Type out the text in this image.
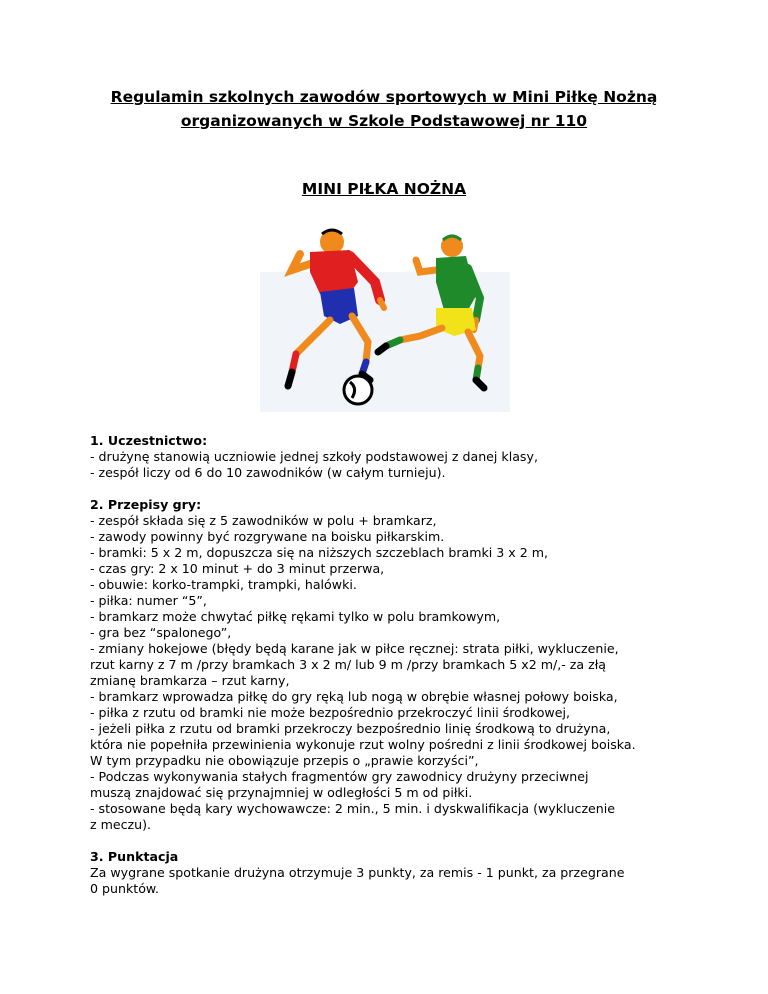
Regulamin szkolnych zawodów sportowych w Mini Piłkę Nożną
organizowanych w Szkole Podstawowej nr 110
MINI PIŁKA NOŻNA
1. Uczestnictwo:
- drużynę stanowią uczniowie jednej szkoły podstawowej z danej klasy,
- zespół liczy od 6 do 10 zawodników (w całym turnieju).
2. Przepisy gry:
- zespół składa się z 5 zawodników w polu + bramkarz,
- zawody powinny być rozgrywane na boisku piłkarskim.
- bramki: 5 x 2 m, dopuszcza się na niższych szczeblach bramki 3 x 2 m,
- czas gry: 2 x 10 minut + do 3 minut przerwa,
- obuwie: korko-trampki, trampki, halówki.
- piłka: numer “5”,
- bramkarz może chwytać piłkę rękami tylko w polu bramkowym,
- gra bez “spalonego”,
- zmiany hokejowe (błędy będą karane jak w piłce ręcznej: strata piłki, wykluczenie,
rzut karny z 7 m /przy bramkach 3 x 2 m/ lub 9 m /przy bramkach 5 x2 m/,- za złą
zmianę bramkarza – rzut karny,
- bramkarz wprowadza piłkę do gry ręką lub nogą w obrębie własnej połowy boiska,
- piłka z rzutu od bramki nie może bezpośrednio przekroczyć linii środkowej,
- jeżeli piłka z rzutu od bramki przekroczy bezpośrednio linię środkową to drużyna,
która nie popełniła przewinienia wykonuje rzut wolny pośredni z linii środkowej boiska.
W tym przypadku nie obowiązuje przepis o „prawie korzyści”,
- Podczas wykonywania stałych fragmentów gry zawodnicy drużyny przeciwnej
muszą znajdować się przynajmniej w odległości 5 m od piłki.
- stosowane będą kary wychowawcze: 2 min., 5 min. i dyskwalifikacja (wykluczenie
z meczu).
3. Punktacja
Za wygrane spotkanie drużyna otrzymuje 3 punkty, za remis - 1 punkt, za przegrane
0 punktów.
